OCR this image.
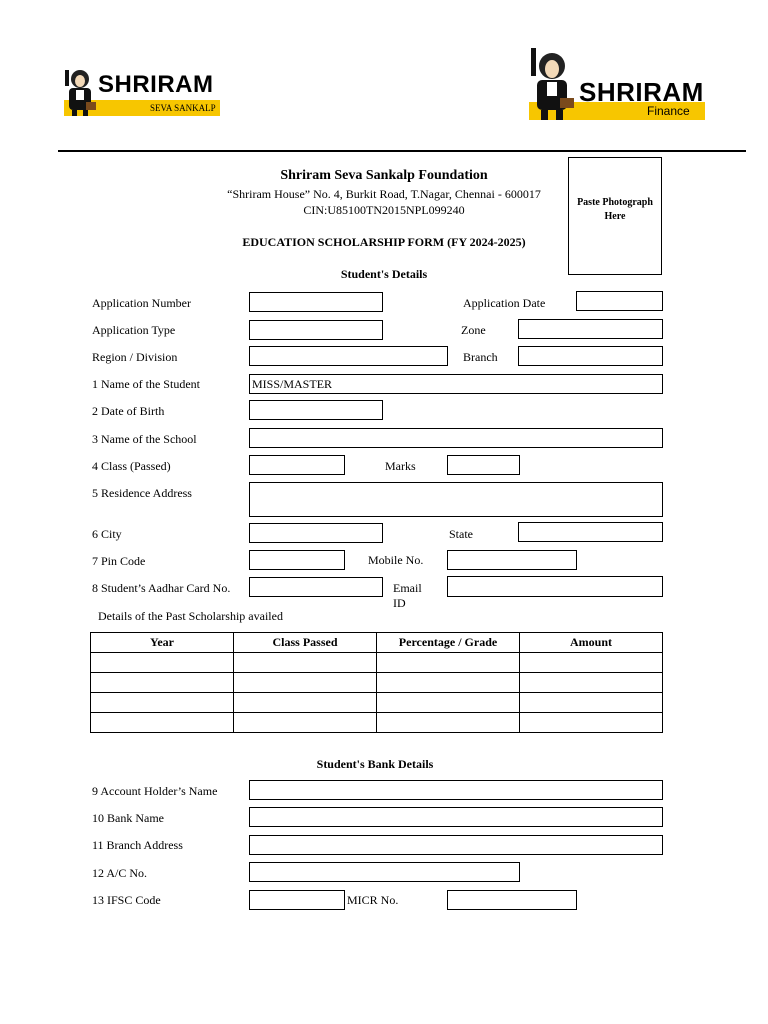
SHRIRAM
SEVA SANKALP
SHRIRAM
Finance
Shriram Seva Sankalp Foundation
“Shriram House” No. 4, Burkit Road, T.Nagar, Chennai - 600017
CIN:U85100TN2015NPL099240
EDUCATION SCHOLARSHIP FORM (FY 2024-2025)
Paste Photograph Here
Student's Details
Application Number	Application Date
Application Type	Zone
Region / Division	Branch
1 Name of the Student	MISS/MASTER
2 Date of Birth
3 Name of the School
4 Class (Passed)	Marks
5 Residence Address
6 City	State
7 Pin Code	Mobile No.
8 Student’s Aadhar Card No.	Email
ID
Details of the Past Scholarship availed
Year	Class Passed	Percentage / Grade	Amount

Student's Bank Details
9 Account Holder’s Name
10 Bank Name
11 Branch Address
12 A/C No.
13 IFSC Code	MICR No.
